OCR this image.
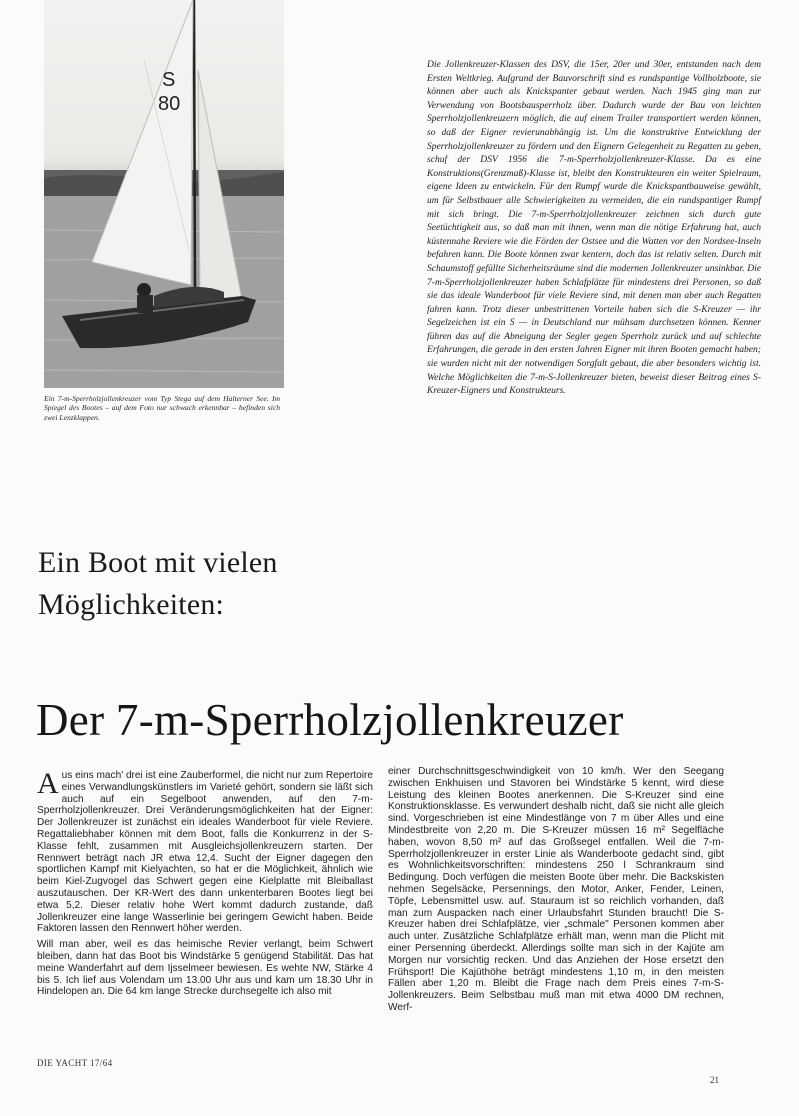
S
80
Ein 7-m-Sperrholzjollenkreuzer vom Typ Stega auf dem Halterner See. Im Spiegel des Bootes – auf dem Foto nur schwach erkennbar – befinden sich zwei Lenzklappen.
Die Jollenkreuzer-Klassen des DSV, die 15er, 20er und 30er, entstanden nach dem Ersten Weltkrieg. Aufgrund der Bauvorschrift sind es rundspantige Vollholzboote, sie können aber auch als Knickspanter gebaut werden. Nach 1945 ging man zur Verwendung von Bootsbausperrholz über. Dadurch wurde der Bau von leichten Sperrholzjollenkreuzern möglich, die auf einem Trailer transportiert werden können, so daß der Eigner revierunabhängig ist. Um die konstruktive Entwicklung der Sperrholzjollenkreuzer zu fördern und den Eignern Gelegenheit zu Regatten zu geben, schuf der DSV 1956 die 7-m-Sperrholzjollenkreuzer-Klasse. Da es eine Konstruktions(Grenzmaß)-Klasse ist, bleibt den Konstrukteuren ein weiter Spielraum, eigene Ideen zu entwickeln. Für den Rumpf wurde die Knickspantbauweise gewählt, um für Selbstbauer alle Schwierigkeiten zu vermeiden, die ein rundspantiger Rumpf mit sich bringt. Die 7-m-Sperrholzjollenkreuzer zeichnen sich durch gute Seetüchtigkeit aus, so daß man mit ihnen, wenn man die nötige Erfahrung hat, auch küstennahe Reviere wie die Förden der Ostsee und die Watten vor den Nordsee-Inseln befahren kann. Die Boote können zwar kentern, doch das ist relativ selten. Durch mit Schaumstoff gefüllte Sicherheitsräume sind die modernen Jollenkreuzer unsinkbar. Die 7-m-Sperrholzjollenkreuzer haben Schlafplätze für mindestens drei Personen, so daß sie das ideale Wanderboot für viele Reviere sind, mit denen man aber auch Regatten fahren kann. Trotz dieser unbestrittenen Vorteile haben sich die S-Kreuzer — ihr Segelzeichen ist ein S — in Deutschland nur mühsam durchsetzen können. Kenner führen das auf die Abneigung der Segler gegen Sperrholz zurück und auf schlechte Erfahrungen, die gerade in den ersten Jahren Eigner mit ihren Booten gemacht haben; sie wurden nicht mit der notwendigen Sorgfalt gebaut, die aber besonders wichtig ist. Welche Möglichkeiten die 7-m-S-Jollenkreuzer bieten, beweist dieser Beitrag eines S-Kreuzer-Eigners und Konstrukteurs.
Ein Boot mit vielen
Möglichkeiten:
Der 7-m-Sperrholzjollenkreuzer

Aus eins mach' drei ist eine Zauberformel, die nicht nur zum Repertoire eines Verwandlungskünstlers im Varieté gehört, sondern sie läßt sich auch auf ein Segelboot anwenden, auf den 7-m-Sperrholzjollenkreuzer. Drei Veränderungsmöglichkeiten hat der Eigner: Der Jollenkreuzer ist zunächst ein ideales Wanderboot für viele Reviere. Regattaliebhaber können mit dem Boot, falls die Konkurrenz in der S-Klasse fehlt, zusammen mit Ausgleichsjollenkreuzern starten. Der Rennwert beträgt nach JR etwa 12,4. Sucht der Eigner dagegen den sportlichen Kampf mit Kielyachten, so hat er die Möglichkeit, ähnlich wie beim Kiel-Zugvogel das Schwert gegen eine Kielplatte mit Bleiballast auszutauschen. Der KR-Wert des dann unkenterbaren Bootes liegt bei etwa 5,2. Dieser relativ hohe Wert kommt dadurch zustande, daß Jollenkreuzer eine lange Wasserlinie bei geringem Gewicht haben. Beide Faktoren lassen den Rennwert höher werden.

Will man aber, weil es das heimische Revier verlangt, beim Schwert bleiben, dann hat das Boot bis Windstärke 5 genügend Stabilität. Das hat meine Wanderfahrt auf dem Ijsselmeer bewiesen. Es wehte NW, Stärke 4 bis 5. Ich lief aus Volendam um 13.00 Uhr aus und kam um 18.30 Uhr in Hindelopen an. Die 64 km lange Strecke durchsegelte ich also mit

einer Durchschnittsgeschwindigkeit von 10 km/h. Wer den Seegang zwischen Enkhuisen und Stavoren bei Windstärke 5 kennt, wird diese Leistung des kleinen Bootes anerkennen. Die S-Kreuzer sind eine Konstruktionsklasse. Es verwundert deshalb nicht, daß sie nicht alle gleich sind. Vorgeschrieben ist eine Mindestlänge von 7 m über Alles und eine Mindestbreite von 2,20 m. Die S-Kreuzer müssen 16 m² Segelfläche haben, wovon 8,50 m² auf das Großsegel entfallen. Weil die 7-m-Sperrholzjollenkreuzer in erster Linie als Wanderboote gedacht sind, gibt es Wohnlichkeitsvorschriften: mindestens 250 l Schrankraum sind Bedingung. Doch verfügen die meisten Boote über mehr. Die Backskisten nehmen Segelsäcke, Persennings, den Motor, Anker, Fender, Leinen, Töpfe, Lebensmittel usw. auf. Stauraum ist so reichlich vorhanden, daß man zum Auspacken nach einer Urlaubsfahrt Stunden braucht! Die S-Kreuzer haben drei Schlafplätze, vier „schmale" Personen kommen aber auch unter. Zusätzliche Schlafplätze erhält man, wenn man die Plicht mit einer Persenning überdeckt. Allerdings sollte man sich in der Kajüte am Morgen nur vorsichtig recken. Und das Anziehen der Hose ersetzt den Frühsport! Die Kajüthöhe beträgt mindestens 1,10 m, in den meisten Fällen aber 1,20 m. Bleibt die Frage nach dem Preis eines 7-m-S-Jollenkreuzers. Beim Selbstbau muß man mit etwa 4000 DM rechnen, Werf-

DIE YACHT 17/64
21
